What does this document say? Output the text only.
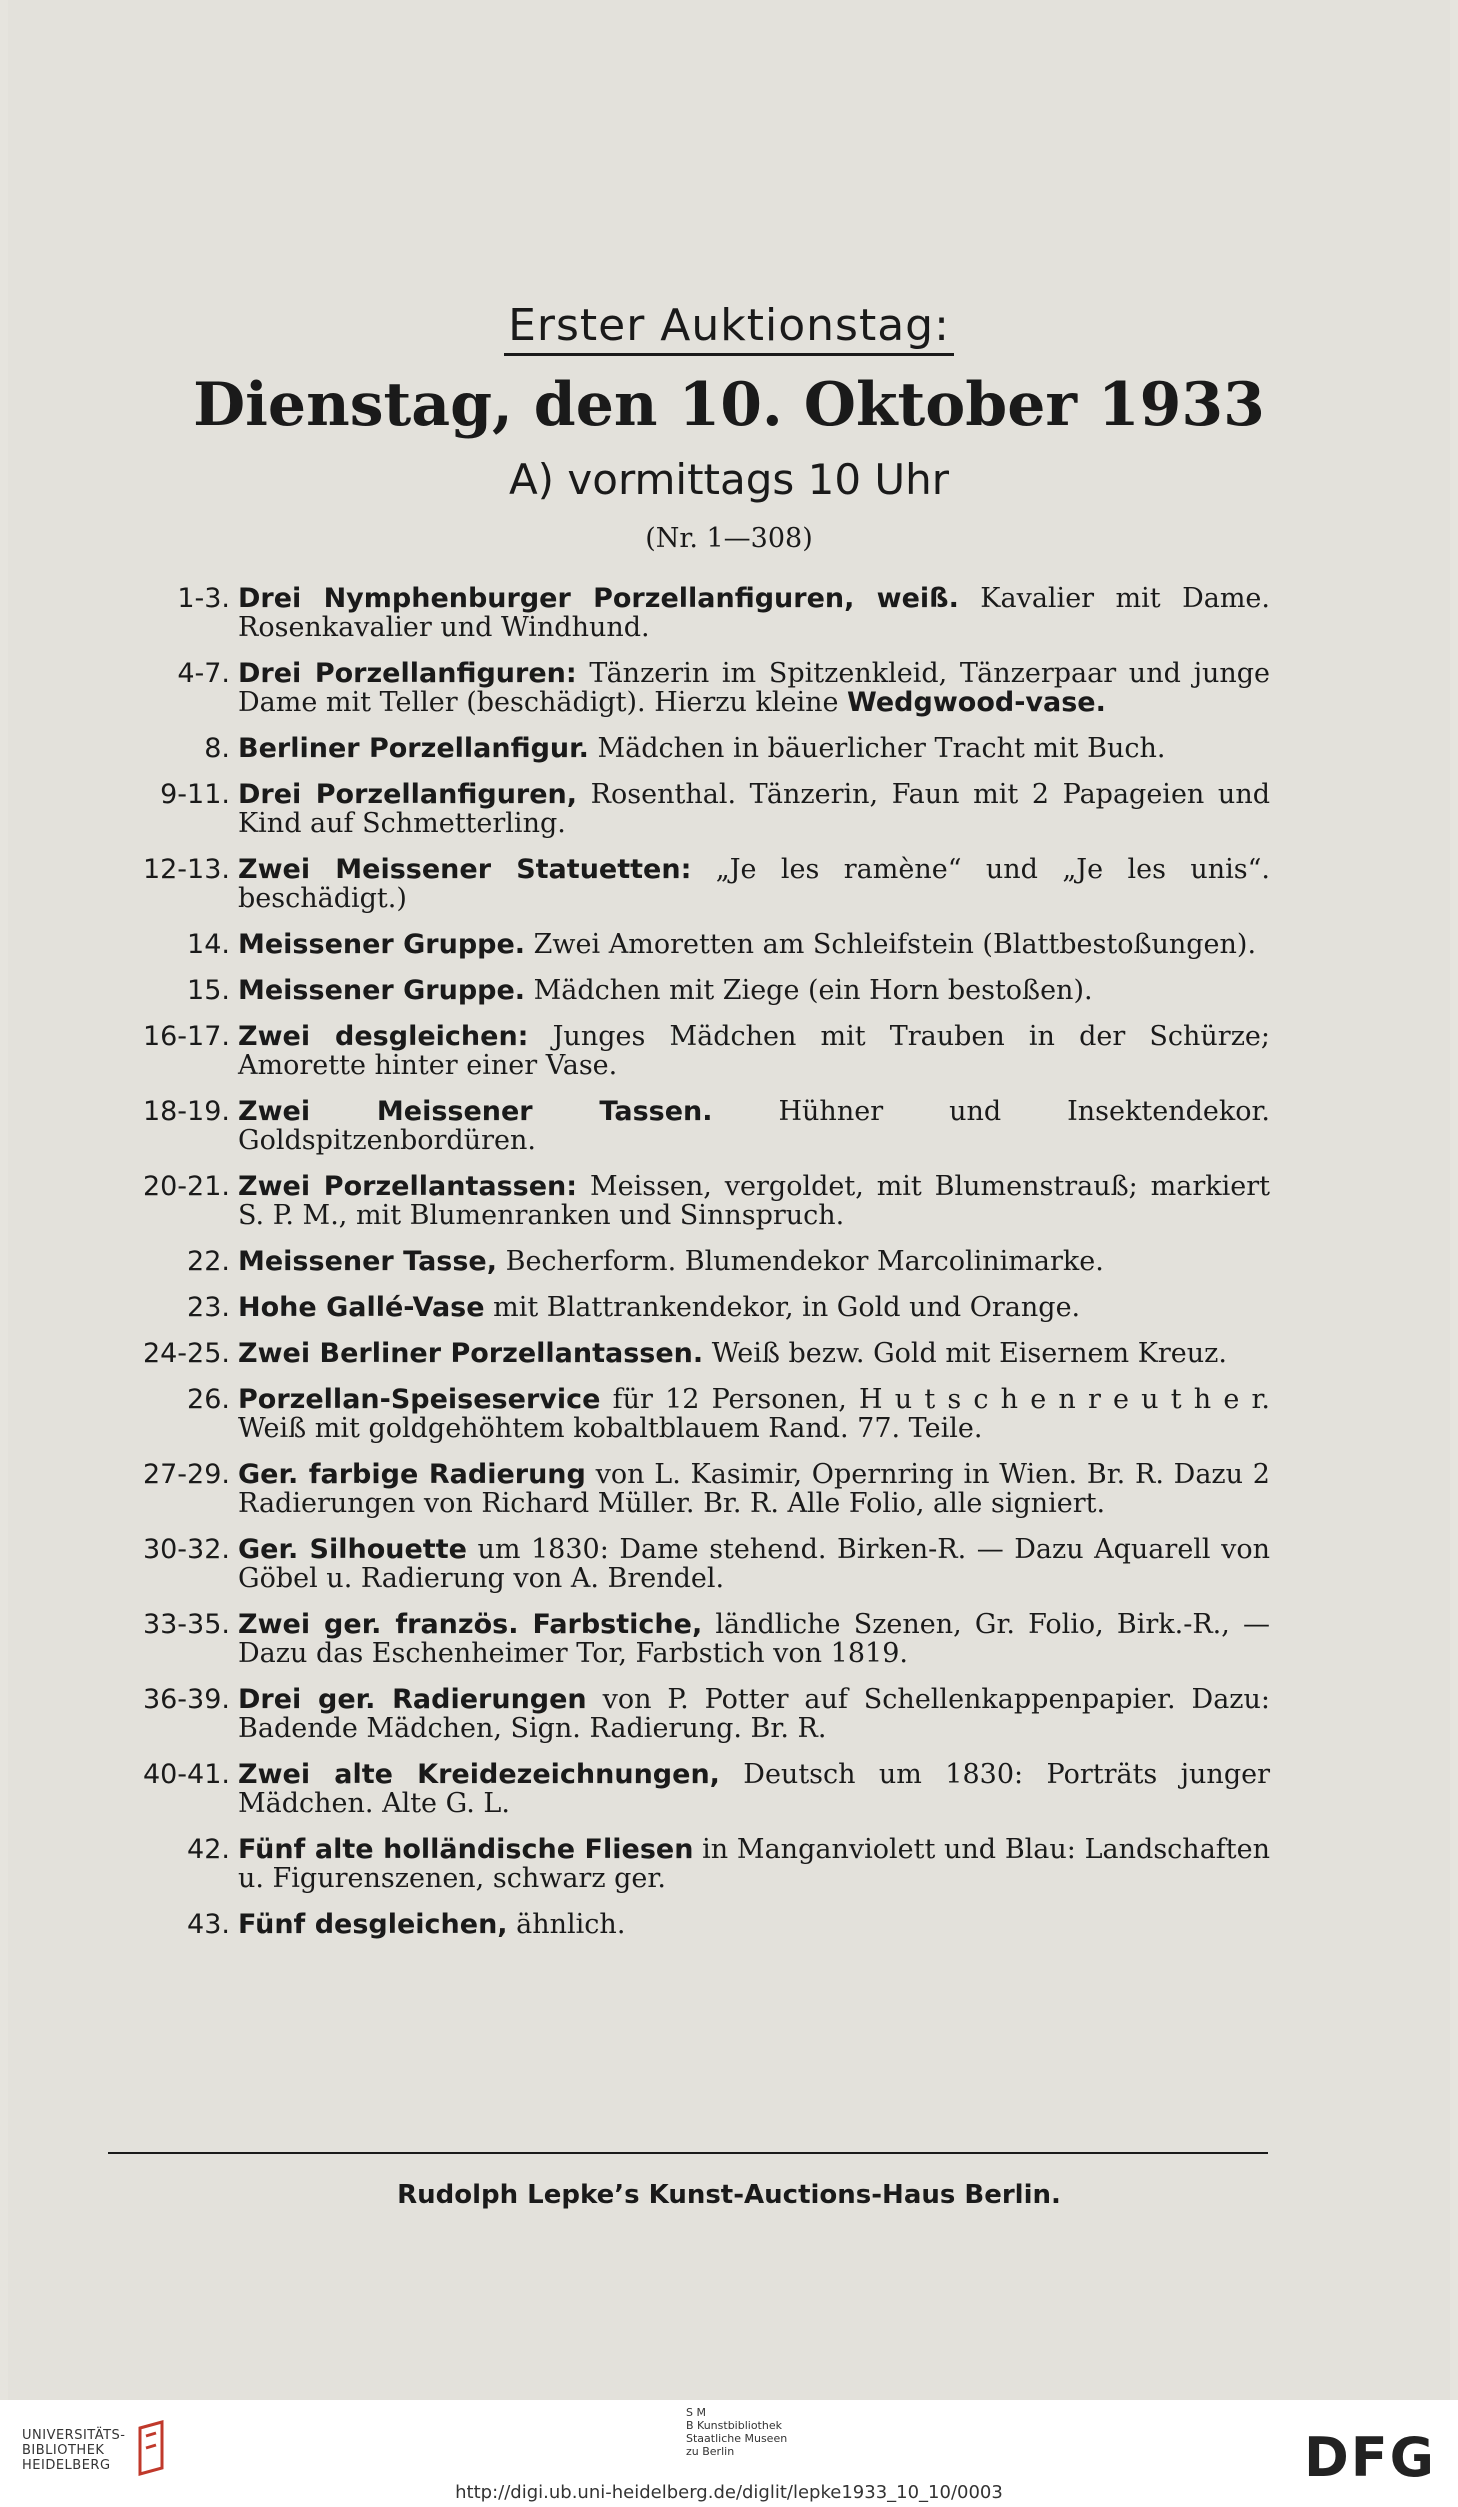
Erster Auktionstag:
Dienstag, den 10. Oktober 1933
A) vormittags 10 Uhr
(Nr. 1—308)
1-3. Drei Nymphenburger Porzellanfiguren, weiß. Kavalier mit Dame. Rosenkavalier und Windhund.
4-7. Drei Porzellanfiguren: Tänzerin im Spitzenkleid, Tänzerpaar und junge Dame mit Teller (beschädigt). Hierzu kleine Wedgwood-vase.
8. Berliner Porzellanfigur. Mädchen in bäuerlicher Tracht mit Buch.
9-11. Drei Porzellanfiguren, Rosenthal. Tänzerin, Faun mit 2 Papageien und Kind auf Schmetterling.
12-13. Zwei Meissener Statuetten: „Je les ramène“ und „Je les unis“. beschädigt.)
14. Meissener Gruppe. Zwei Amoretten am Schleifstein (Blattbestoßungen).
15. Meissener Gruppe. Mädchen mit Ziege (ein Horn bestoßen).
16-17. Zwei desgleichen: Junges Mädchen mit Trauben in der Schürze; Amorette hinter einer Vase.
18-19. Zwei Meissener Tassen. Hühner und Insektendekor. Goldspitzenbordüren.
20-21. Zwei Porzellantassen: Meissen, vergoldet, mit Blumenstrauß; markiert S. P. M., mit Blumenranken und Sinnspruch.
22. Meissener Tasse, Becherform. Blumendekor Marcolinimarke.
23. Hohe Gallé-Vase mit Blattrankendekor, in Gold und Orange.
24-25. Zwei Berliner Porzellantassen. Weiß bezw. Gold mit Eisernem Kreuz.
26. Porzellan-Speiseservice für 12 Personen, H u t s c h e n r e u t h e r. Weiß mit goldgehöhtem kobaltblauem Rand. 77. Teile.
27-29. Ger. farbige Radierung von L. Kasimir, Opernring in Wien. Br. R. Dazu 2 Radierungen von Richard Müller. Br. R. Alle Folio, alle signiert.
30-32. Ger. Silhouette um 1830: Dame stehend. Birken-R. — Dazu Aquarell von Göbel u. Radierung von A. Brendel.
33-35. Zwei ger. französ. Farbstiche, ländliche Szenen, Gr. Folio, Birk.-R., — Dazu das Eschenheimer Tor, Farbstich von 1819.
36-39. Drei ger. Radierungen von P. Potter auf Schellenkappenpapier. Dazu: Badende Mädchen, Sign. Radierung. Br. R.
40-41. Zwei alte Kreidezeichnungen, Deutsch um 1830: Porträts junger Mädchen. Alte G. L.
42. Fünf alte holländische Fliesen in Manganviolett und Blau: Landschaften u. Figurenszenen, schwarz ger.
43. Fünf desgleichen, ähnlich.
Rudolph Lepke’s Kunst-Auctions-Haus Berlin.
UNIVERSITÄTS-
BIBLIOTHEK
HEIDELBERG
S M
B Kunstbibliothek
Staatliche Museen
zu Berlin	DFG
http://digi.ub.uni-heidelberg.de/diglit/lepke1933_10_10/0003
